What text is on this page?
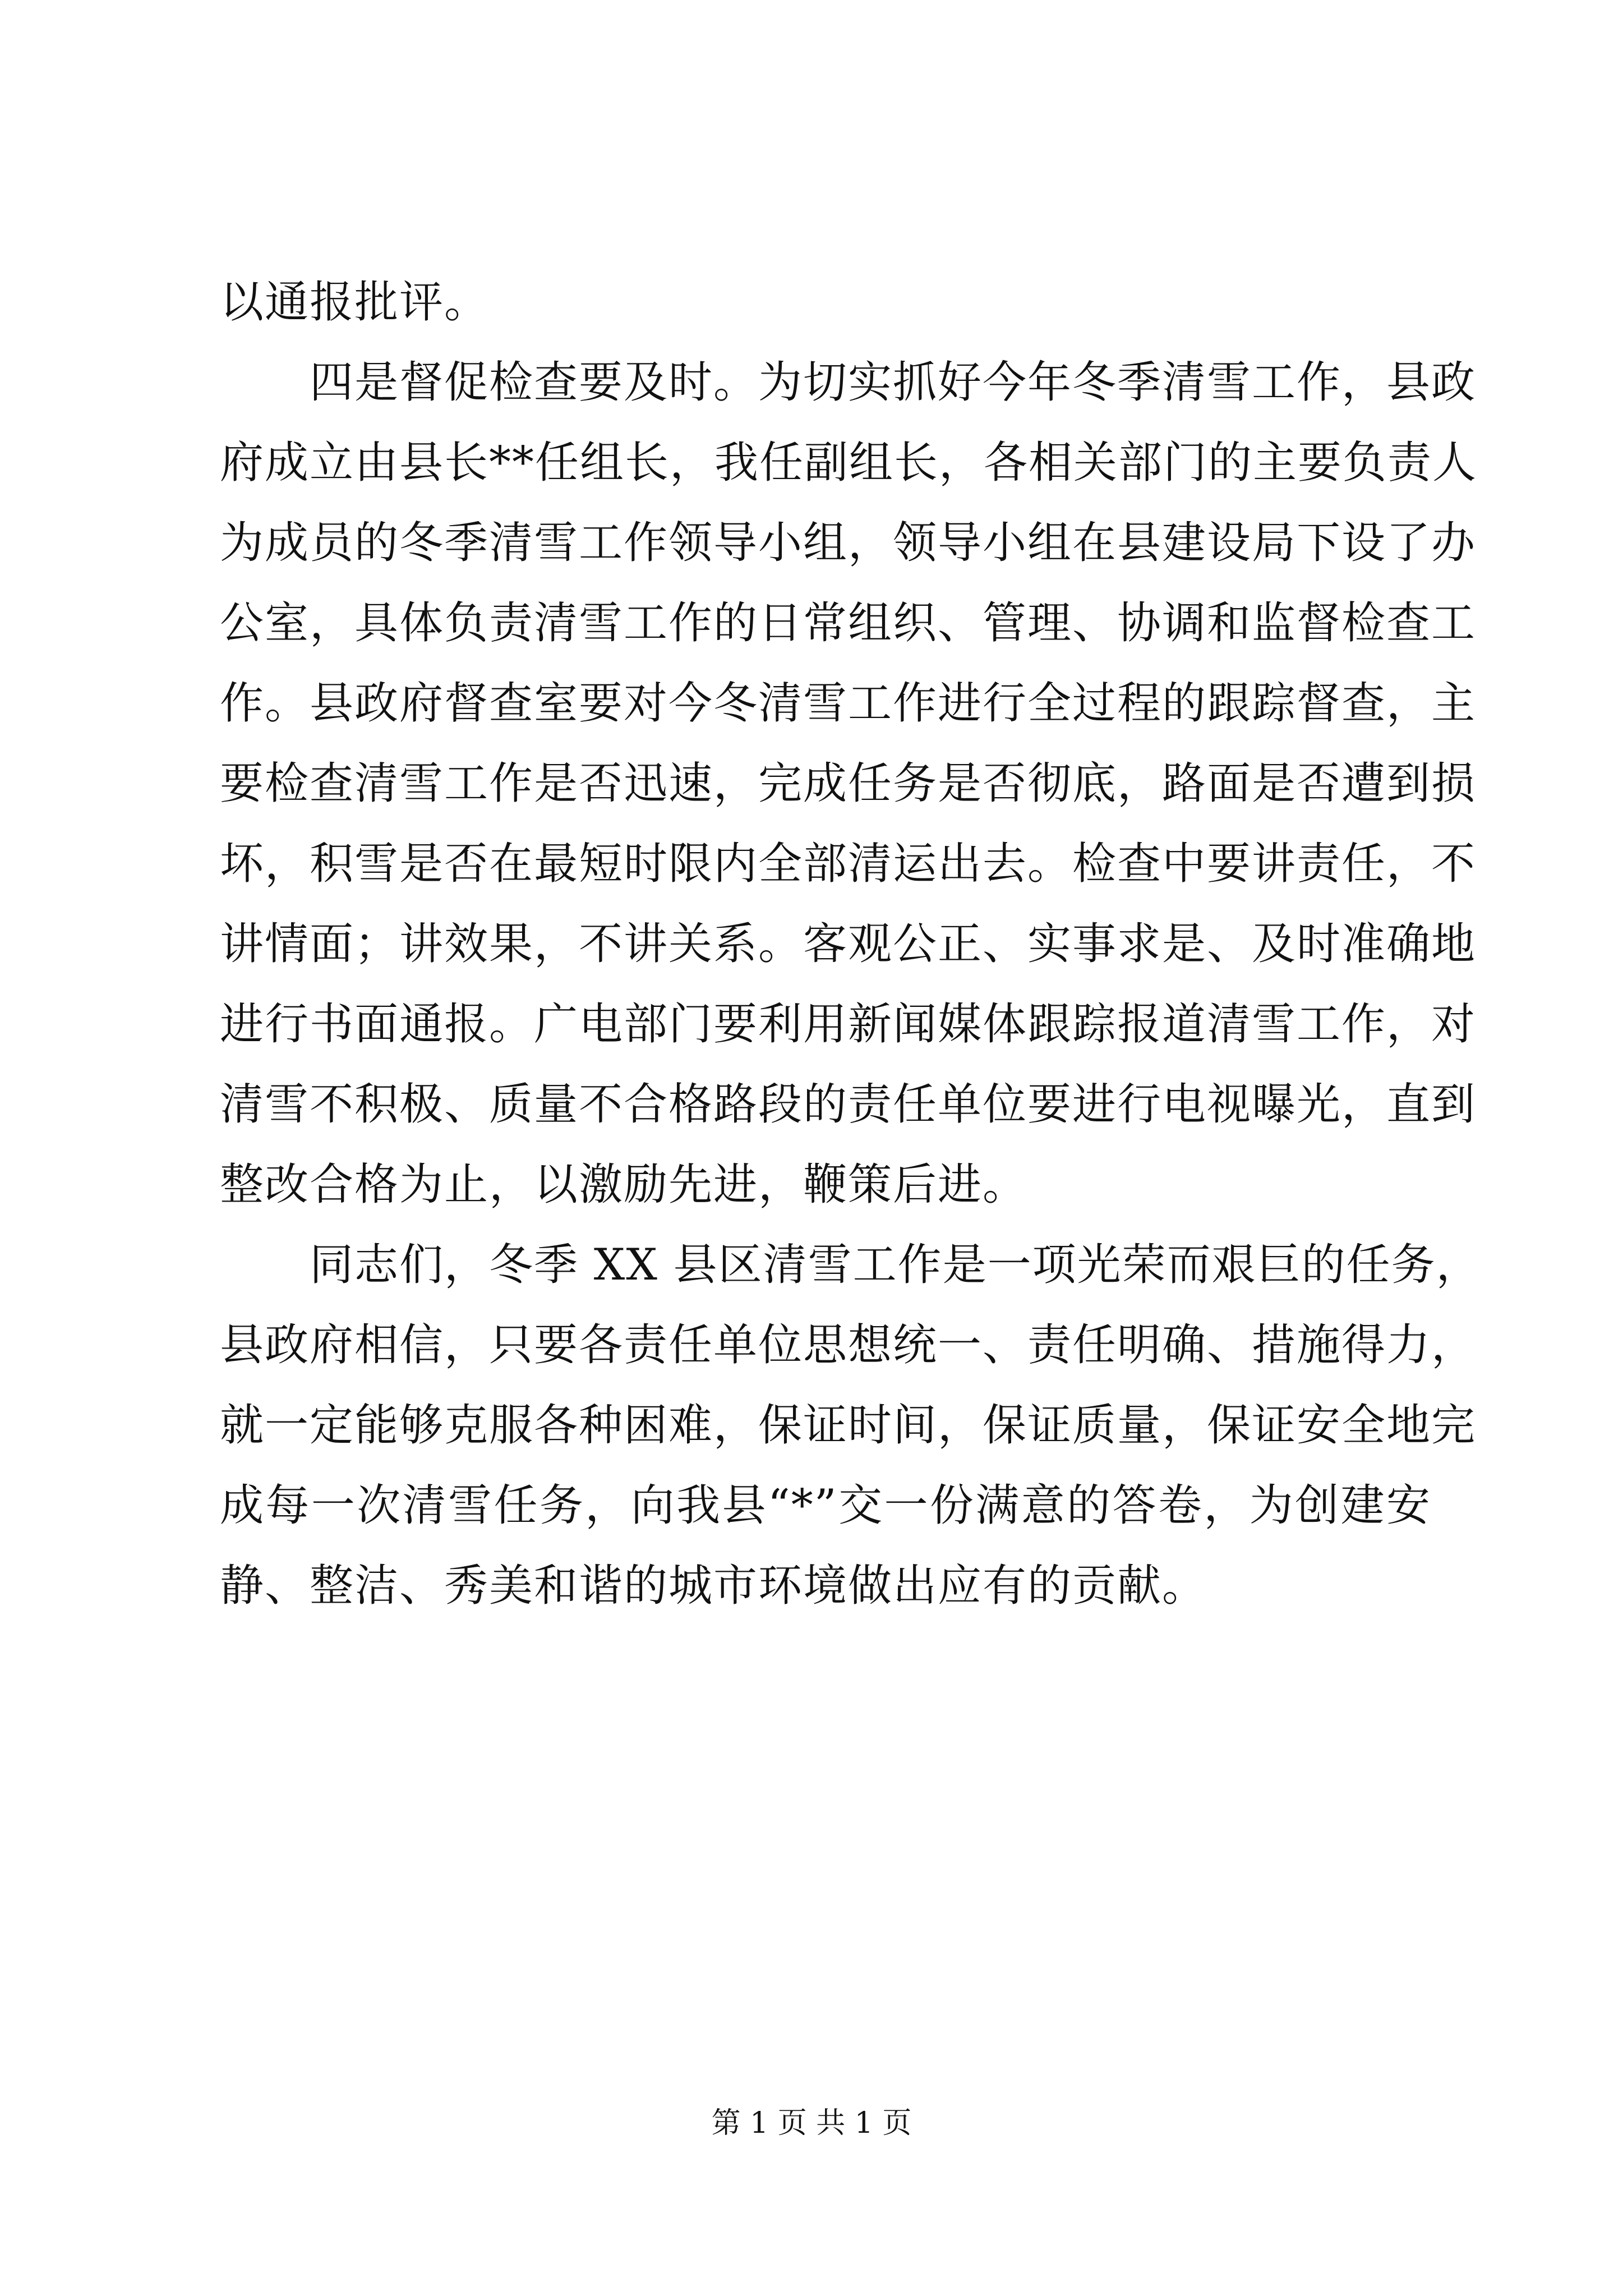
以通报批评。
四是督促检查要及时。为切实抓好今年冬季清雪工作，县政
府成立由县长**任组长，我任副组长，各相关部门的主要负责人
为成员的冬季清雪工作领导小组，领导小组在县建设局下设了办
公室，具体负责清雪工作的日常组织、管理、协调和监督检查工
作。县政府督查室要对今冬清雪工作进行全过程的跟踪督查，主
要检查清雪工作是否迅速，完成任务是否彻底，路面是否遭到损
坏，积雪是否在最短时限内全部清运出去。检查中要讲责任，不
讲情面；讲效果，不讲关系。客观公正、实事求是、及时准确地
进行书面通报。广电部门要利用新闻媒体跟踪报道清雪工作，对
清雪不积极、质量不合格路段的责任单位要进行电视曝光，直到
整改合格为止，以激励先进，鞭策后进。
同志们，冬季 XX 县区清雪工作是一项光荣而艰巨的任务，
县政府相信，只要各责任单位思想统一、责任明确、措施得力，
就一定能够克服各种困难，保证时间，保证质量，保证安全地完
成每一次清雪任务，向我县“*”交一份满意的答卷，为创建安
静、整洁、秀美和谐的城市环境做出应有的贡献。
第 1 页 共 1 页
